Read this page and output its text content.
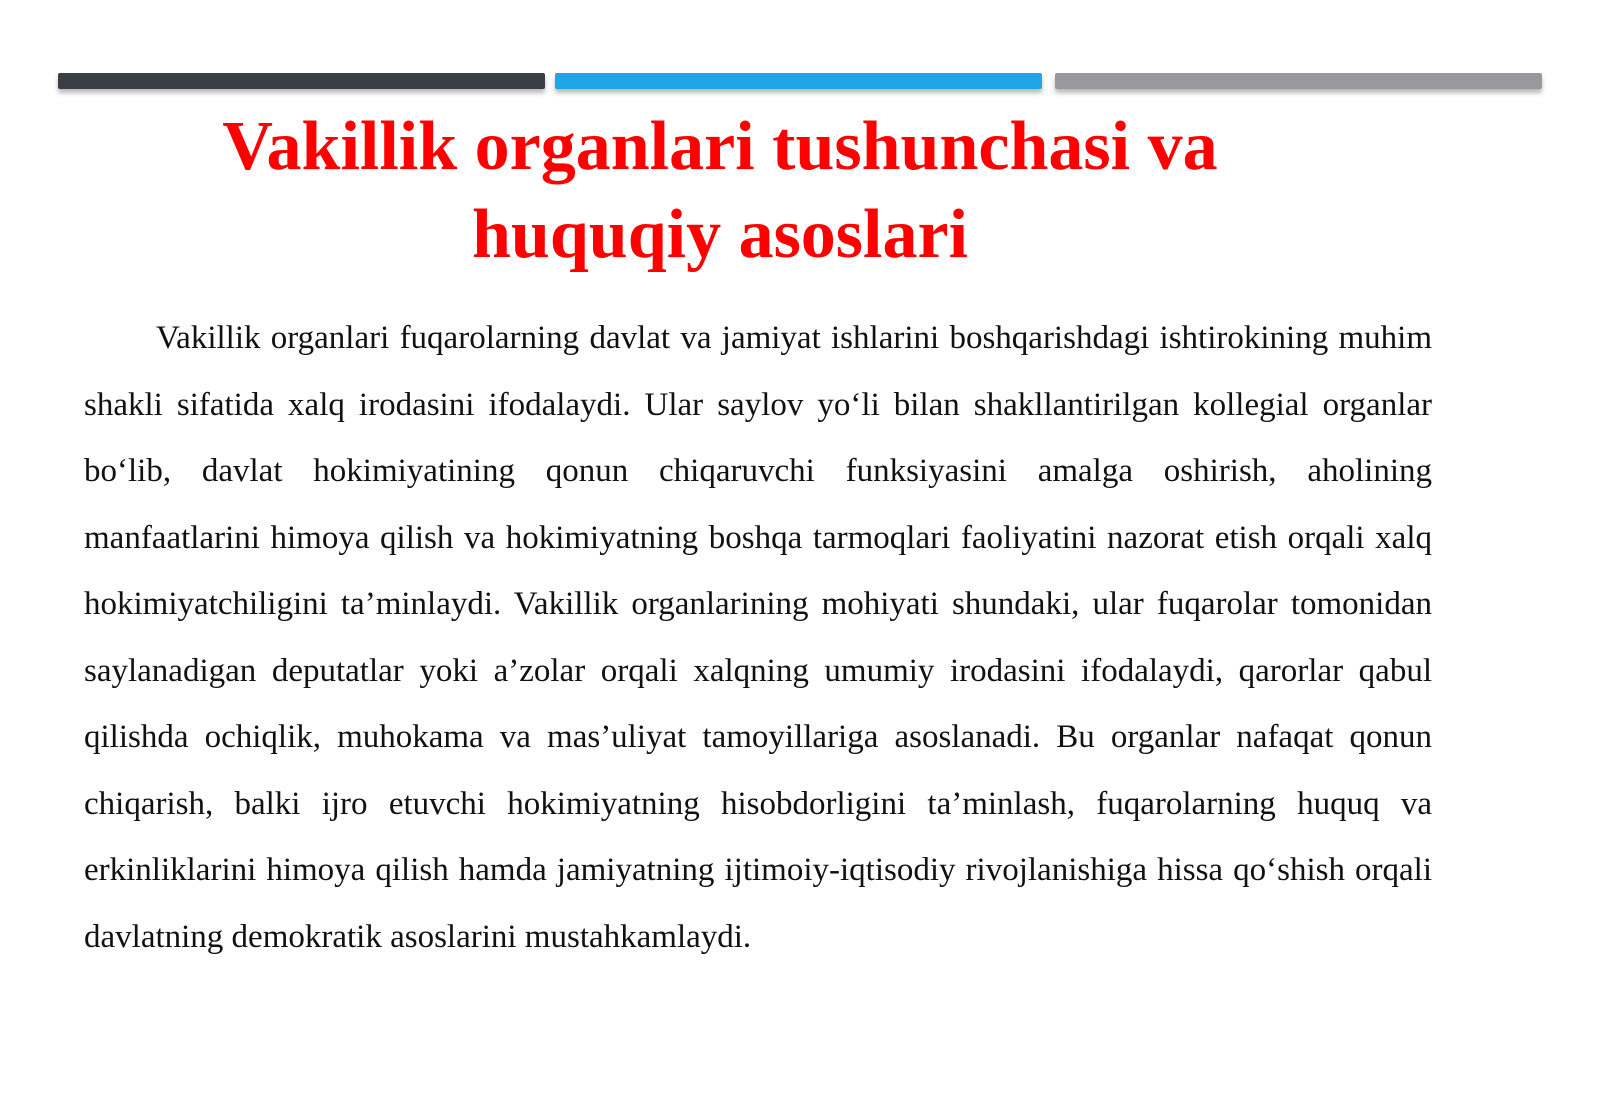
Vakillik organlari tushunchasi va huquqiy asoslari

Vakillik organlari fuqarolarning davlat va jamiyat ishlarini boshqarishdagi ishtirokining muhim shakli sifatida xalq irodasini ifodalaydi. Ular saylov yo‘li bilan shakllantirilgan kollegial organlar bo‘lib, davlat hokimiyatining qonun chiqaruvchi funksiyasini amalga oshirish, aholining manfaatlarini himoya qilish va hokimiyatning boshqa tarmoqlari faoliyatini nazorat etish orqali xalq hokimiyatchiligini ta’minlaydi. Vakillik organlarining mohiyati shundaki, ular fuqarolar tomonidan saylanadigan deputatlar yoki a’zolar orqali xalqning umumiy irodasini ifodalaydi, qarorlar qabul qilishda ochiqlik, muhokama va mas’uliyat tamoyillariga asoslanadi. Bu organlar nafaqat qonun chiqarish, balki ijro etuvchi hokimiyatning hisobdorligini ta’minlash, fuqarolarning huquq va erkinliklarini himoya qilish hamda jamiyatning ijtimoiy-iqtisodiy rivojlanishiga hissa qo‘shish orqali davlatning demokratik asoslarini mustahkamlaydi.
